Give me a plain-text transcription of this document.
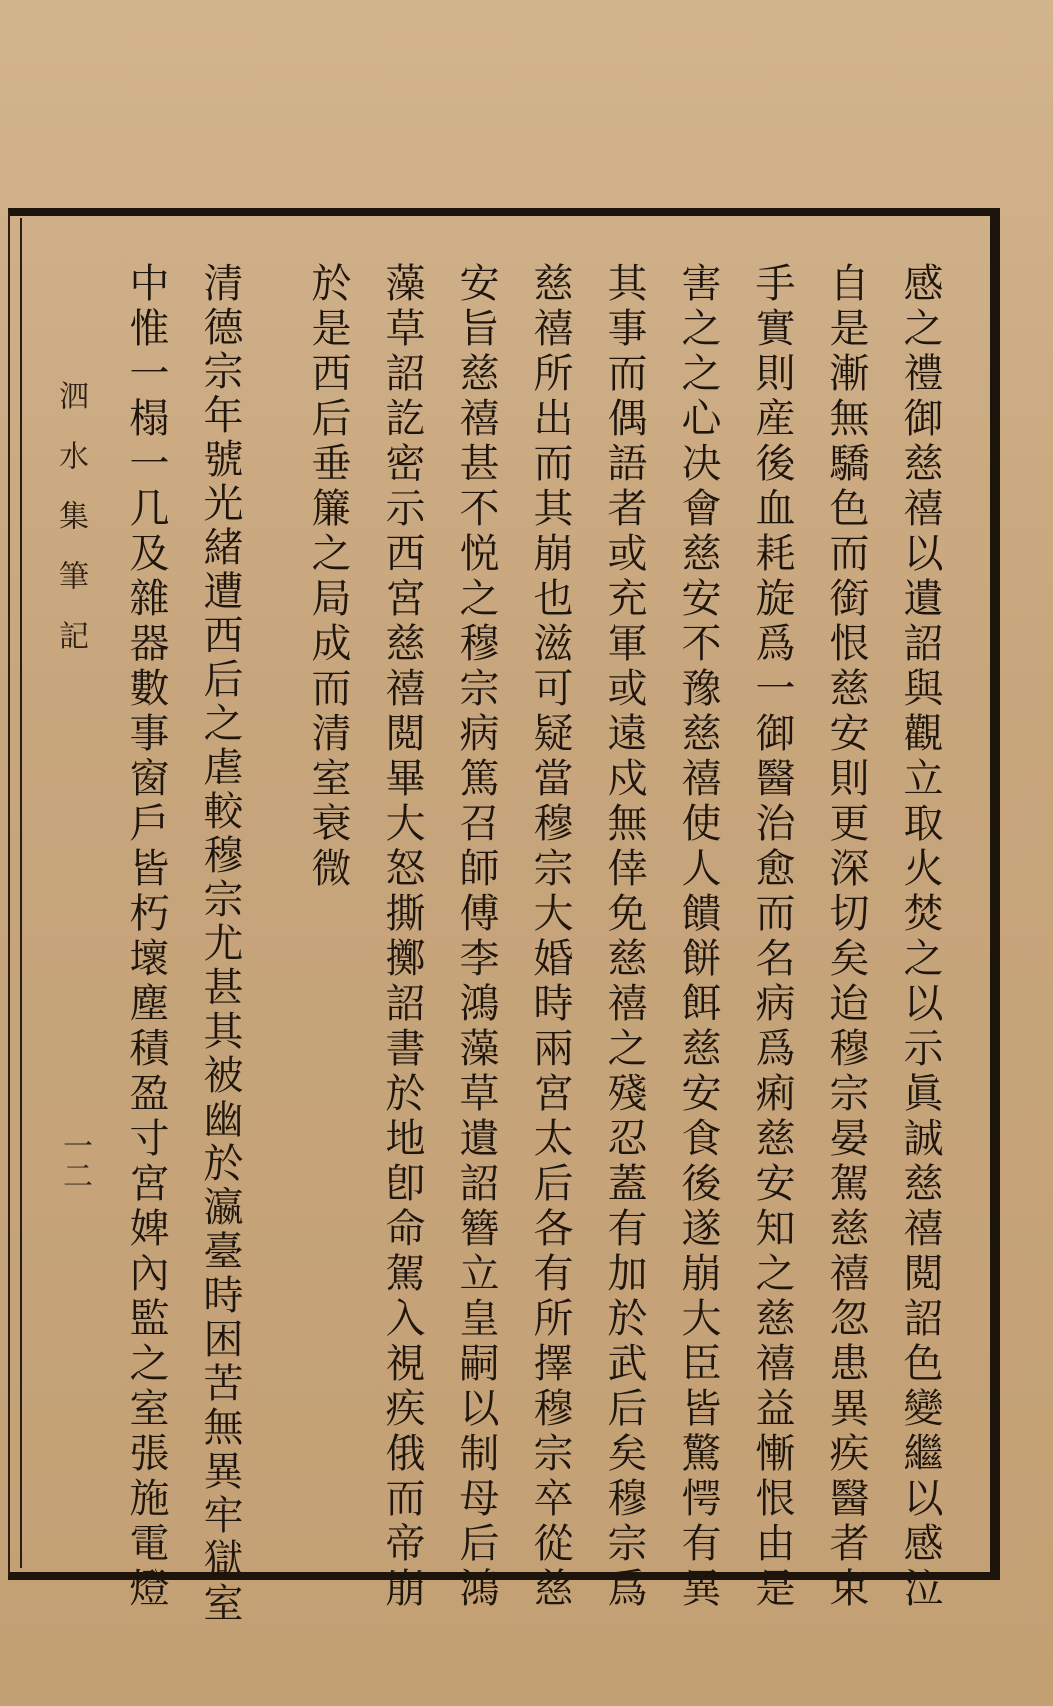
感之禮御慈禧以遺詔與觀立取火焚之以示眞誠慈禧閲詔色變繼以感泣
自是漸無驕色而銜恨慈安則更深切矣迨穆宗晏駕慈禧忽患異疾醫者束
手實則産後血耗旋爲一御醫治愈而名病爲痢慈安知之慈禧益慚恨由是
害之之心决會慈安不豫慈禧使人饋餅餌慈安食後遂崩大臣皆驚愕有異
其事而偶語者或充軍或遠戍無倖免慈禧之殘忍蓋有加於武后矣穆宗爲
慈禧所出而其崩也滋可疑當穆宗大婚時兩宮太后各有所擇穆宗卒從慈
安旨慈禧甚不悦之穆宗病篤召師傅李鴻藻草遺詔簪立皇嗣以制母后鴻
藻草詔訖密示西宮慈禧閲畢大怒撕擲詔書於地卽命駕入視疾俄而帝崩
於是西后垂簾之局成而清室衰微
清德宗年號光緒遭西后之虐較穆宗尤甚其被幽於瀛臺時困苦無異牢獄室
中惟一榻一几及雜器數事窗戶皆朽壞塵積盈寸宮婢內監之室張施電燈
泗水集筆記
一二
